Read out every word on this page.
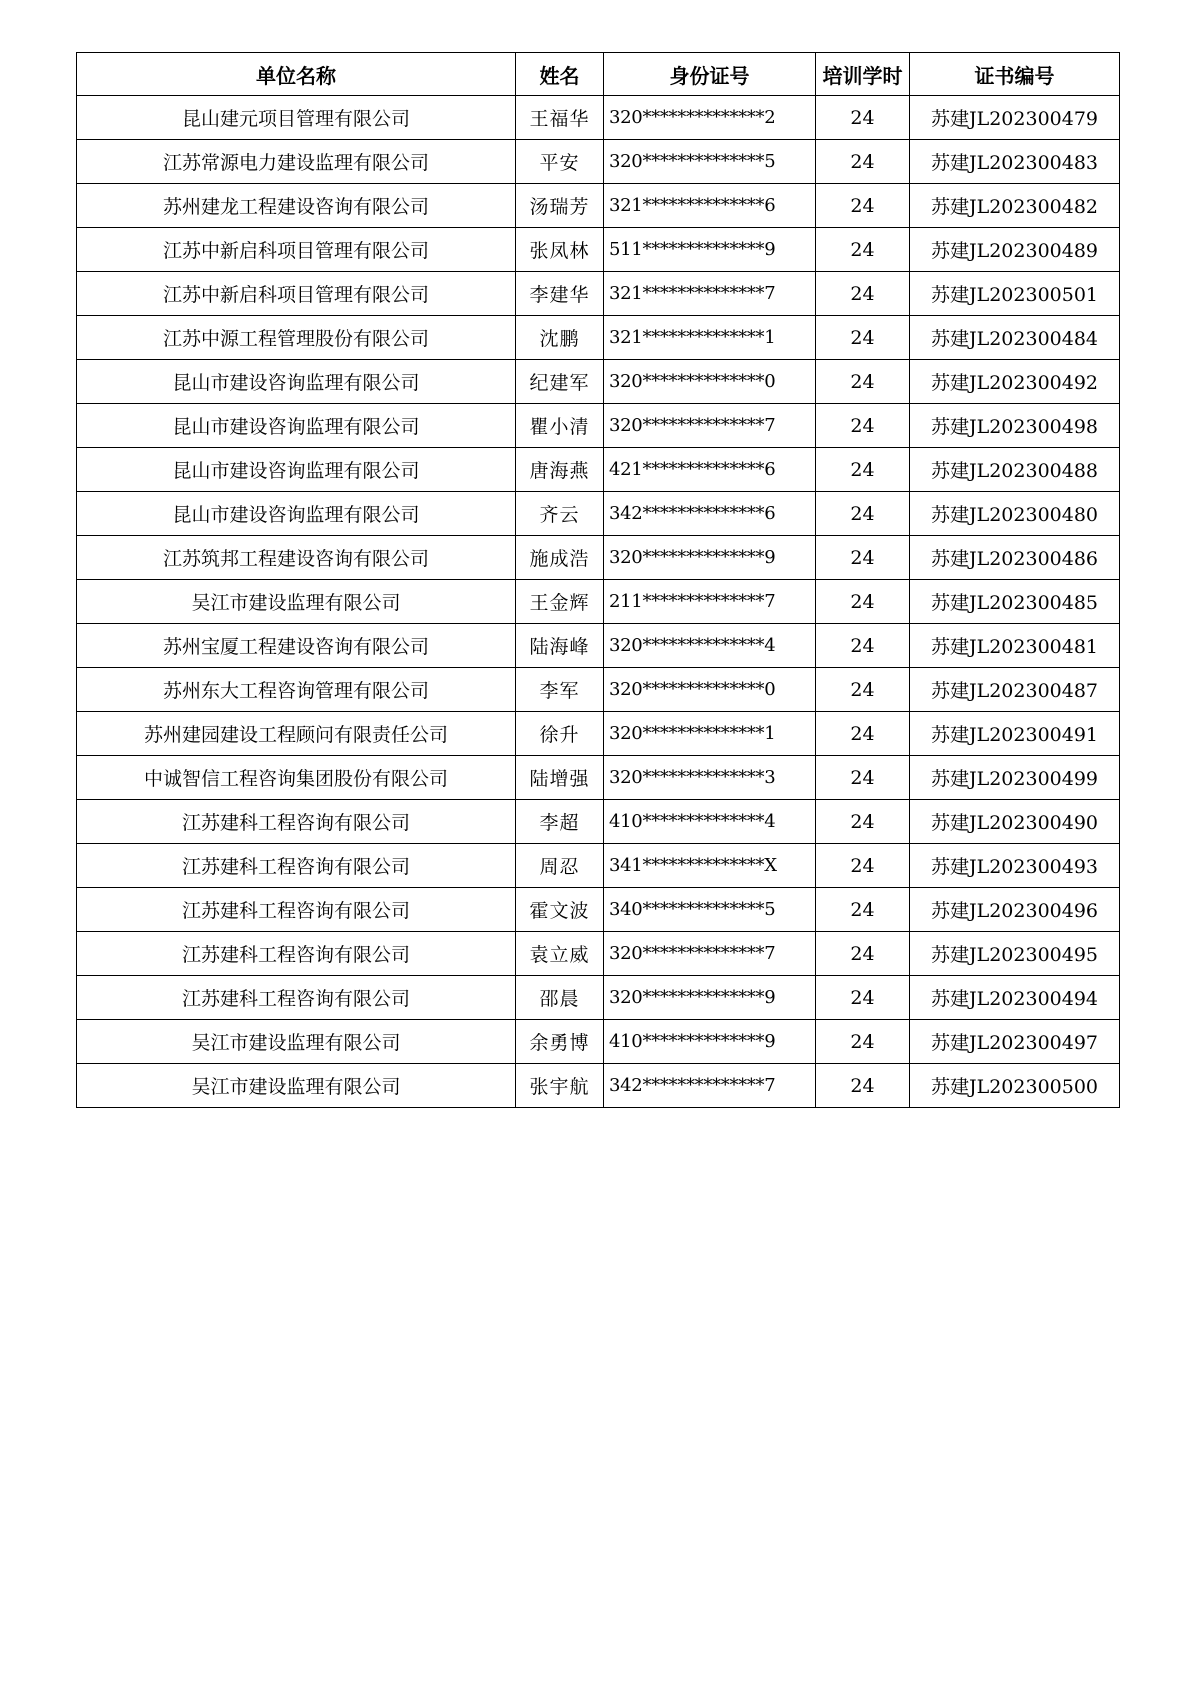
单位名称	姓名	身份证号	培训学时	证书编号
昆山建元项目管理有限公司	王福华	320**************2	24	苏建JL202300479
江苏常源电力建设监理有限公司	平安	320**************5	24	苏建JL202300483
苏州建龙工程建设咨询有限公司	汤瑞芳	321**************6	24	苏建JL202300482
江苏中新启科项目管理有限公司	张凤林	511**************9	24	苏建JL202300489
江苏中新启科项目管理有限公司	李建华	321**************7	24	苏建JL202300501
江苏中源工程管理股份有限公司	沈鹏	321**************1	24	苏建JL202300484
昆山市建设咨询监理有限公司	纪建军	320**************0	24	苏建JL202300492
昆山市建设咨询监理有限公司	瞿小清	320**************7	24	苏建JL202300498
昆山市建设咨询监理有限公司	唐海燕	421**************6	24	苏建JL202300488
昆山市建设咨询监理有限公司	齐云	342**************6	24	苏建JL202300480
江苏筑邦工程建设咨询有限公司	施成浩	320**************9	24	苏建JL202300486
吴江市建设监理有限公司	王金辉	211**************7	24	苏建JL202300485
苏州宝厦工程建设咨询有限公司	陆海峰	320**************4	24	苏建JL202300481
苏州东大工程咨询管理有限公司	李军	320**************0	24	苏建JL202300487
苏州建园建设工程顾问有限责任公司	徐升	320**************1	24	苏建JL202300491
中诚智信工程咨询集团股份有限公司	陆增强	320**************3	24	苏建JL202300499
江苏建科工程咨询有限公司	李超	410**************4	24	苏建JL202300490
江苏建科工程咨询有限公司	周忍	341**************X	24	苏建JL202300493
江苏建科工程咨询有限公司	霍文波	340**************5	24	苏建JL202300496
江苏建科工程咨询有限公司	袁立威	320**************7	24	苏建JL202300495
江苏建科工程咨询有限公司	邵晨	320**************9	24	苏建JL202300494
吴江市建设监理有限公司	余勇博	410**************9	24	苏建JL202300497
吴江市建设监理有限公司	张宇航	342**************7	24	苏建JL202300500
